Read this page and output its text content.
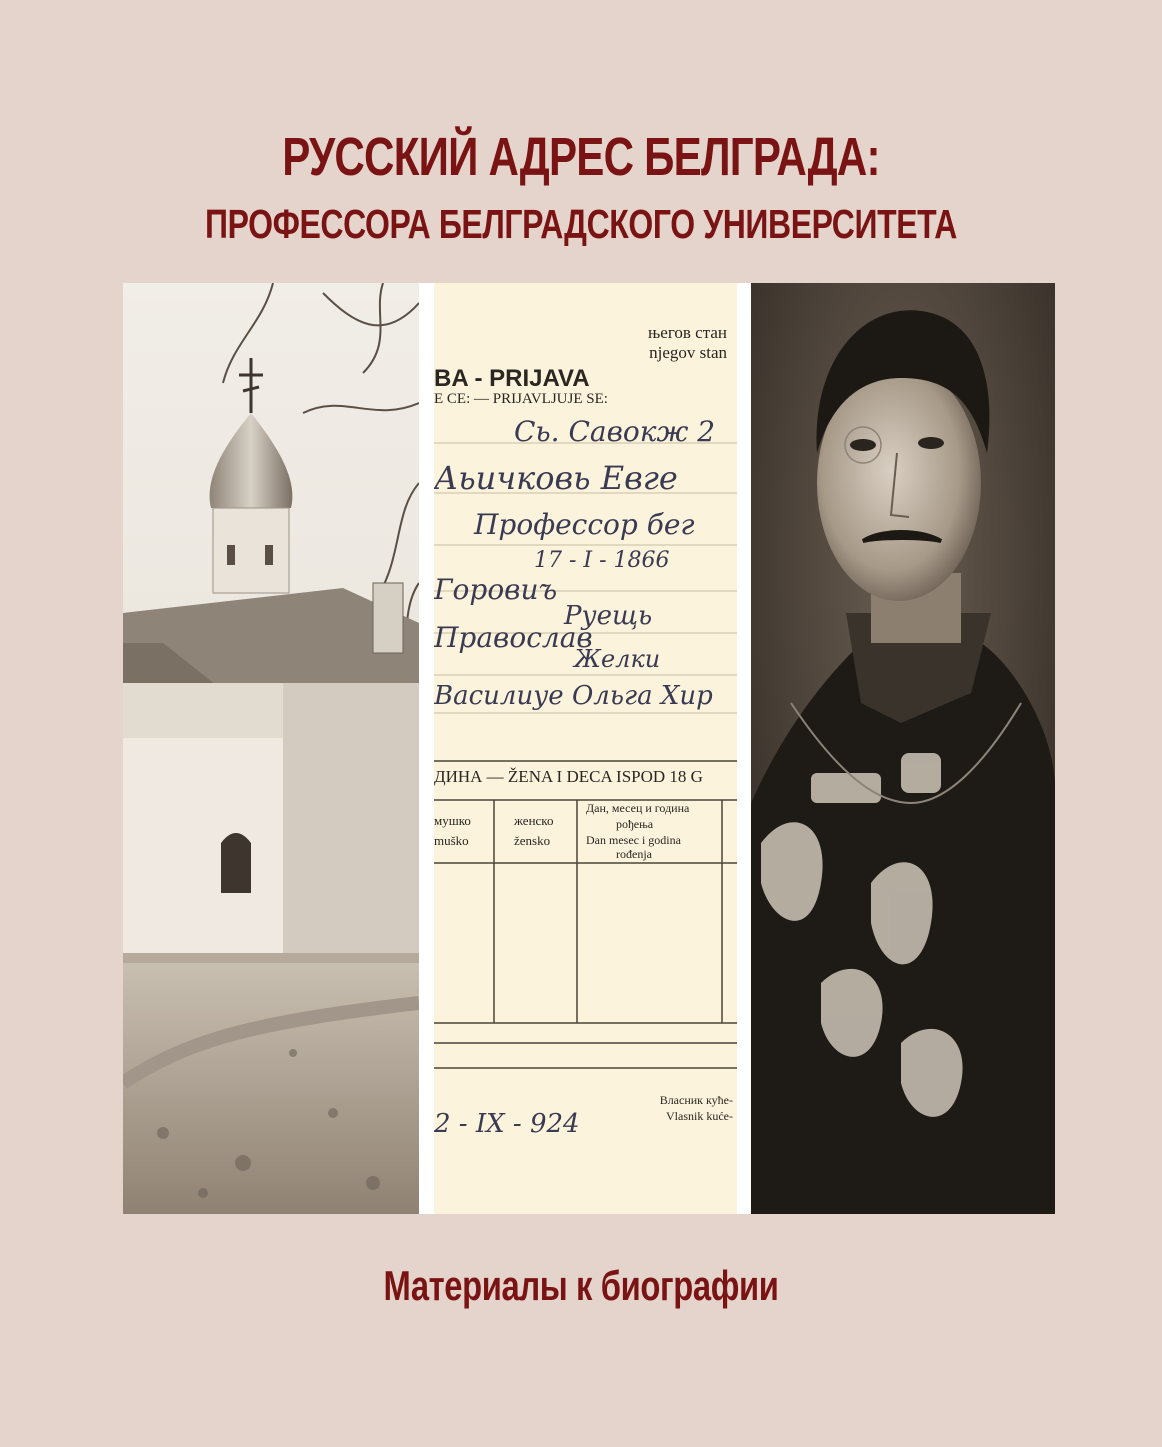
РУССКИЙ АДРЕС БЕЛГРАДА:
ПРОФЕССОРА БЕЛГРАДСКОГО УНИВЕРСИТЕТА
његов стан
njegov stan
BA - PRIJAVA
E CE: — PRIJAVLJUJE SE:
Сь. Савокж 2
Аьичковь Евге
Профессор бег
17 - I - 1866
Горовиъ
Руещь
Православ
Желки
Василиуе Ольга Хир
ДИНА — ŽENA I DECA ISPOD 18 G
мушко
muško
женско
žensko
Дан, месец и година
рођења
Dan mesec i godina
rođenja
Власник куће-
Vlasnik kuće-
2 - IX - 924
Материалы к биографии
